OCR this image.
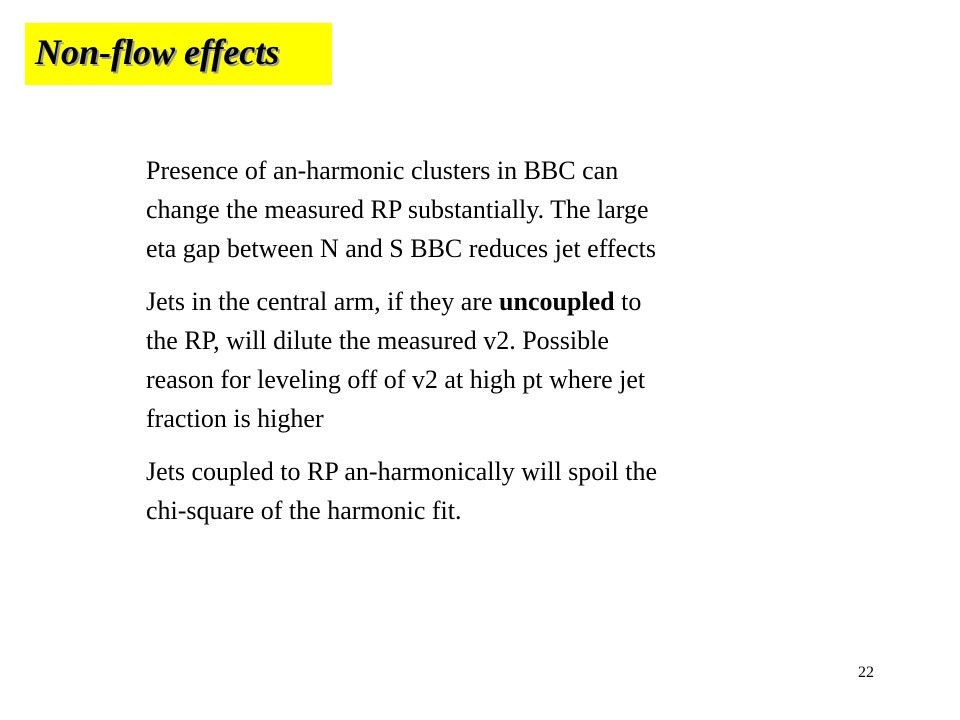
Non-flow effects

Presence of an-harmonic clusters in BBC can
change the measured RP substantially. The large
eta gap between N and S BBC reduces jet effects

Jets in the central arm, if they are uncoupled to
the RP, will dilute the measured v2. Possible
reason for leveling off of v2 at high pt where jet
fraction is higher

Jets coupled to RP an-harmonically will spoil the
chi-square of the harmonic fit.

22
